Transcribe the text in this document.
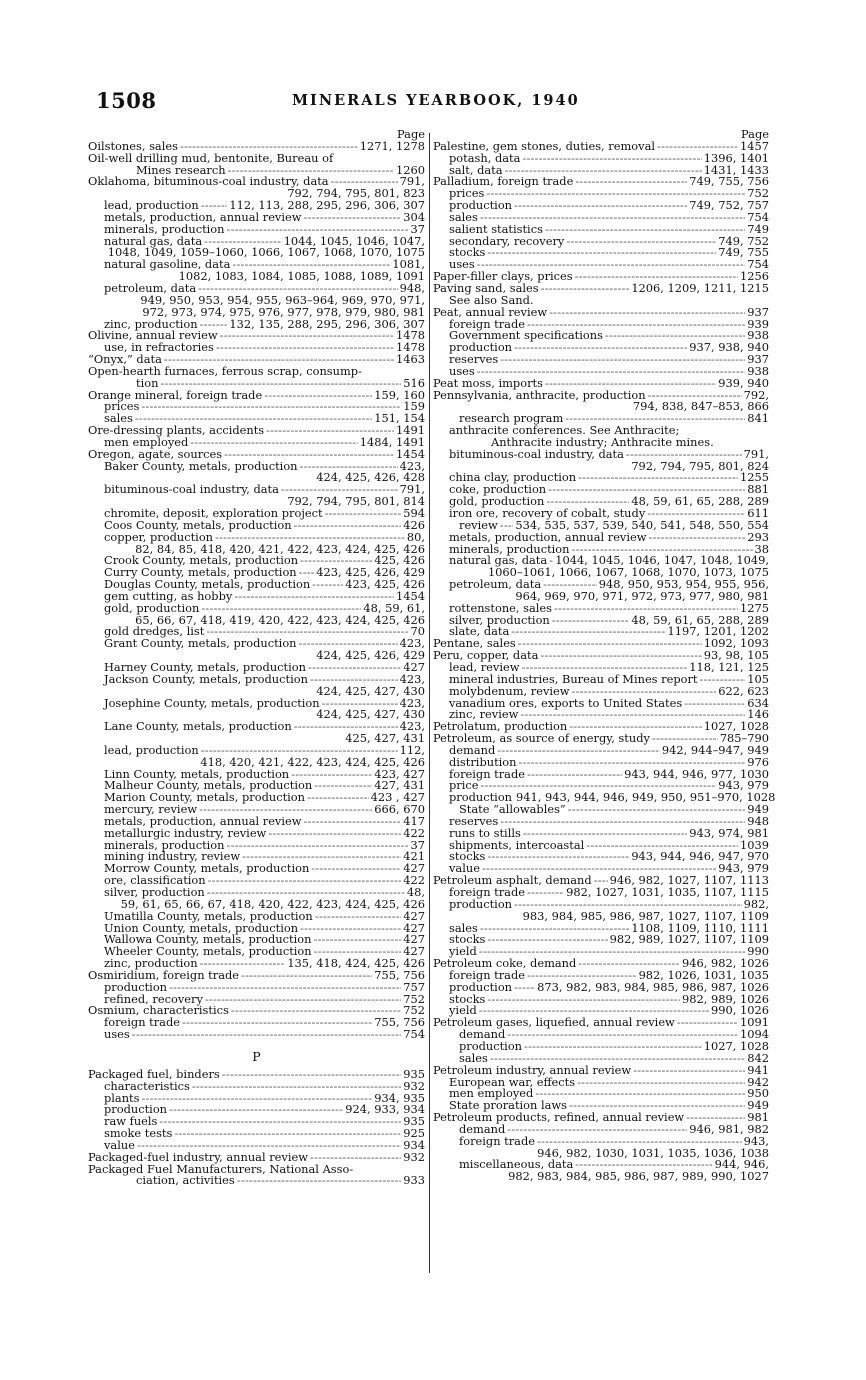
1508	MINERALS YEARBOOK, 1940
Page
Oilstones, sales -----	1271, 1278
Oil-well drilling mud, bentonite, Bureau of
Mines research -----	1260
Oklahoma, bituminous-coal industry, data -----	791,
792, 794, 795, 801, 823
lead, production -----	112, 113, 288, 295, 296, 306, 307
metals, production, annual review -----	304
minerals, production -----	37
natural gas, data -----	1044, 1045, 1046, 1047,
1048, 1049, 1059–1060, 1066, 1067, 1068, 1070, 1075
natural gasoline, data -----	1081,
1082, 1083, 1084, 1085, 1088, 1089, 1091
petroleum, data -----	948,
949, 950, 953, 954, 955, 963–964, 969, 970, 971,
972, 973, 974, 975, 976, 977, 978, 979, 980, 981
zinc, production -----	132, 135, 288, 295, 296, 306, 307
Olivine, annual review -----	1478
use, in refractories -----	1478
“Onyx,” data -----	1463
Open-hearth furnaces, ferrous scrap, consump-
tion -----	516
Orange mineral, foreign trade -----	159, 160
prices -----	159
sales -----	151, 154
Ore-dressing plants, accidents -----	1491
men employed -----	1484, 1491
Oregon, agate, sources -----	1454
Baker County, metals, production -----	423,
424, 425, 426, 428
bituminous-coal industry, data -----	791,
792, 794, 795, 801, 814
chromite, deposit, exploration project -----	594
Coos County, metals, production -----	426
copper, production -----	80,
82, 84, 85, 418, 420, 421, 422, 423, 424, 425, 426
Crook County, metals, production -----	425, 426
Curry County, metals, production ----- 423, 425, 426, 429
Douglas County, metals, production -----	423, 425, 426
gem cutting, as hobby -----	1454
gold, production -----	48, 59, 61,
65, 66, 67, 418, 419, 420, 422, 423, 424, 425, 426
gold dredges, list -----	70
Grant County, metals, production -----	423,
424, 425, 426, 429
Harney County, metals, production -----	427
Jackson County, metals, production -----	423,
424, 425, 427, 430
Josephine County, metals, production -----	423,
424, 425, 427, 430
Lane County, metals, production -----	423,
425, 427, 431
lead, production -----	112,
418, 420, 421, 422, 423, 424, 425, 426
Linn County, metals, production -----	423, 427
Malheur County, metals, production -----	427, 431
Marion County, metals, production -----	423 , 427
mercury, review -----	666, 670
metals, production, annual review -----	417
metallurgic industry, review -----	422
minerals, production -----	37
mining industry, review -----	421
Morrow County, metals, production -----	427
ore, classification -----	422
silver, production -----	48,
59, 61, 65, 66, 67, 418, 420, 422, 423, 424, 425, 426
Umatilla County, metals, production -----	427
Union County, metals, production -----	427
Wallowa County, metals, production -----	427
Wheeler County, metals, production -----	427
zinc, production -----	135, 418, 424, 425, 426
Osmiridium, foreign trade -----	755, 756
production -----	757
refined, recovery -----	752
Osmium, characteristics -----	752
foreign trade -----	755, 756
uses -----	754
P
Packaged fuel, binders -----	935
characteristics -----	932
plants -----	934, 935
production -----	924, 933, 934
raw fuels -----	935
smoke tests -----	925
value -----	934
Packaged-fuel industry, annual review -----	932
Packaged Fuel Manufacturers, National Asso-
ciation, activities -----	933
Page
Palestine, gem stones, duties, removal -----	1457
potash, data -----	1396, 1401
salt, data -----	1431, 1433
Palladium, foreign trade -----	749, 755, 756
prices -----	752
production -----	749, 752, 757
sales -----	754
salient statistics -----	749
secondary, recovery -----	749, 752
stocks -----	749, 755
uses -----	754
Paper-filler clays, prices -----	1256
Paving sand, sales -----	1206, 1209, 1211, 1215
See also Sand.
Peat, annual review -----	937
foreign trade -----	939
Government specifications -----	938
production -----	937, 938, 940
reserves -----	937
uses -----	938
Peat moss, imports -----	939, 940
Pennsylvania, anthracite, production -----	792,
794, 838, 847–853, 866
research program -----	841
anthracite conferences. See Anthracite;
Anthracite industry; Anthracite mines.
bituminous-coal industry, data -----	791,
792, 794, 795, 801, 824
china clay, production -----	1255
coke, production -----	881
gold, production -----	48, 59, 61, 65, 288, 289
iron ore, recovery of cobalt, study -----	611
review ----- 534, 535, 537, 539, 540, 541, 548, 550, 554
metals, production, annual review -----	293
minerals, production -----	38
natural gas, data ----- 1044, 1045, 1046, 1047, 1048, 1049,
1060–1061, 1066, 1067, 1068, 1070, 1073, 1075
petroleum, data -----	948, 950, 953, 954, 955, 956,
964, 969, 970, 971, 972, 973, 977, 980, 981
rottenstone, sales -----	1275
silver, production -----	48, 59, 61, 65, 288, 289
slate, data -----	1197, 1201, 1202
Pentane, sales -----	1092, 1093
Peru, copper, data -----	93, 98, 105
lead, review -----	118, 121, 125
mineral industries, Bureau of Mines report -----	105
molybdenum, review -----	622, 623
vanadium ores, exports to United States -----	634
zinc, review -----	146
Petrolatum, production -----	1027, 1028
Petroleum, as source of energy, study -----	785–790
demand -----	942, 944–947, 949
distribution -----	976
foreign trade -----	943, 944, 946, 977, 1030
price -----	943, 979
production 941, 943, 944, 946, 949, 950, 951–970, 1028
State “allowables” -----	949
reserves -----	948
runs to stills -----	943, 974, 981
shipments, intercoastal -----	1039
stocks -----	943, 944, 946, 947, 970
value -----	943, 979
Petroleum asphalt, demand ----- 946, 982, 1027, 1107, 1113
foreign trade -----	982, 1027, 1031, 1035, 1107, 1115
production -----	982,
983, 984, 985, 986, 987, 1027, 1107, 1109
sales -----	1108, 1109, 1110, 1111
stocks -----	982, 989, 1027, 1107, 1109
yield -----	990
Petroleum coke, demand -----	946, 982, 1026
foreign trade -----	982, 1026, 1031, 1035
production ----- 873, 982, 983, 984, 985, 986, 987, 1026
stocks -----	982, 989, 1026
yield -----	990, 1026
Petroleum gases, liquefied, annual review -----	1091
demand -----	1094
production -----	1027, 1028
sales -----	842
Petroleum industry, annual review -----	941
European war, effects -----	942
men employed -----	950
State proration laws -----	949
Petroleum products, refined, annual review -----	981
demand -----	946, 981, 982
foreign trade -----	943,
946, 982, 1030, 1031, 1035, 1036, 1038
miscellaneous, data -----	944, 946,
982, 983, 984, 985, 986, 987, 989, 990, 1027
